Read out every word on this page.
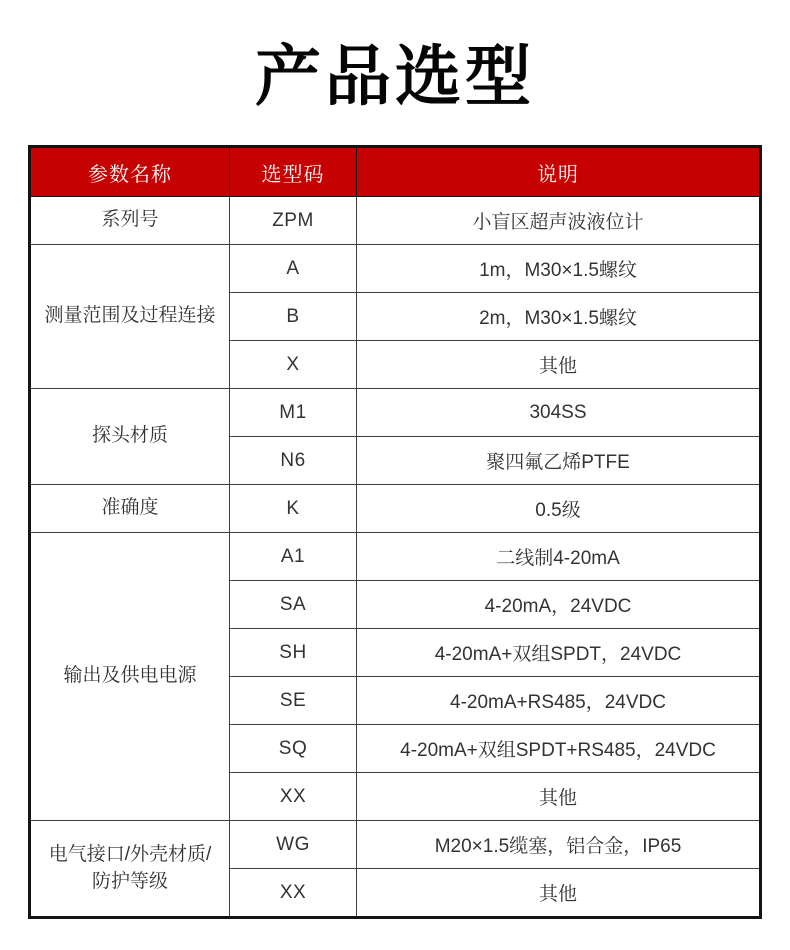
产品选型
参数名称	选型码	说明
系列号	ZPM	小盲区超声波液位计
测量范围及过程连接	A	1m，M30×1.5螺纹
	B	2m，M30×1.5螺纹
	X	其他
探头材质	M1	304SS
	N6	聚四氟乙烯PTFE
准确度	K	0.5级
输出及供电电源	A1	二线制4-20mA
	SA	4-20mA，24VDC
	SH	4-20mA+双组SPDT，24VDC
	SE	4-20mA+RS485，24VDC
	SQ	4-20mA+双组SPDT+RS485，24VDC
	XX	其他
电气接口/外壳材质/防护等级	WG	M20×1.5缆塞，铝合金，IP65
	XX	其他
